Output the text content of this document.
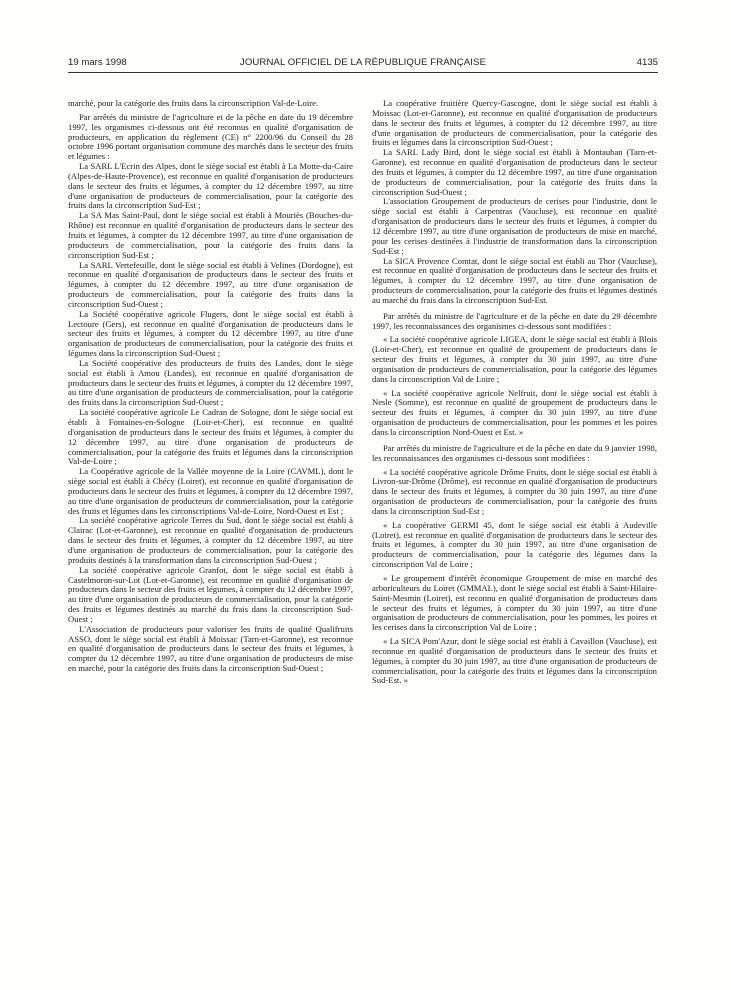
19 mars 1998	JOURNAL OFFICIEL DE LA RÉPUBLIQUE FRANÇAISE	4135

marché, pour la catégorie des fruits dans la circonscription Val-de-Loire.

Par arrêtés du ministre de l'agriculture et de la pêche en date du 19 décembre 1997, les organismes ci-dessous ont été reconnus en qualité d'organisation de producteurs, en application du règlement (CE) n° 2200/96 du Conseil du 28 octobre 1996 portant organisation commune des marchés dans le secteur des fruits et légumes :

La SARL L'Ecrin des Alpes, dont le siège social est établi à La Motte-du-Caire (Alpes-de-Haute-Provence), est reconnue en qualité d'organisation de producteurs dans le secteur des fruits et légumes, à compter du 12 décembre 1997, au titre d'une organisation de producteurs de commercialisation, pour la catégorie des fruits dans la circonscription Sud-Est ;

La SA Mas Saint-Paul, dont le siège social est établi à Mouriès (Bouches-du-Rhône) est reconnue en qualité d'organisation de producteurs dans le secteur des fruits et légumes, à compter du 12 décembre 1997, au titre d'une organisation de producteurs de commercialisation, pour la catégorie des fruits dans la circonscription Sud-Est ;

La SARL Vertefeuille, dont le siège social est établi à Velines (Dordogne), est reconnue en qualité d'organisation de producteurs dans le secteur des fruits et légumes, à compter du 12 décembre 1997, au titre d'une organisation de producteurs de commercialisation, pour la catégorie des fruits dans la circonscription Sud-Ouest ;

La Société coopérative agricole Flugers, dont le siège social est établi à Lectoure (Gers), est reconnue en qualité d'organisation de producteurs dans le secteur des fruits et légumes, à compter du 12 décembre 1997, au titre d'une organisation de producteurs de commercialisation, pour la catégorie des fruits et légumes dans la circonscription Sud-Ouest ;

La Société coopérative des producteurs de fruits des Landes, dont le siège social est établi à Amou (Landes), est reconnue en qualité d'organisation de producteurs dans le secteur des fruits et légumes, à compter du 12 décembre 1997, au titre d'une organisation de producteurs de commercialisation, pour la catégorie des fruits dans la circonscription Sud-Ouest ;

La société coopérative agricole Le Cadran de Sologne, dont le siège social est établi à Fontaines-en-Sologne (Loir-et-Cher), est reconnue en qualité d'organisation de producteurs dans le secteur des fruits et légumes, à compter du 12 décembre 1997, au titre d'une organisation de producteurs de commercialisation, pour la catégorie des fruits et légumes dans la circonscription Val-de-Loire ;

La Coopérative agricole de la Vallée moyenne de la Loire (CAVML), dont le siège social est établi à Chécy (Loiret), est reconnue en qualité d'organisation de producteurs dans le secteur des fruits et légumes, à compter du 12 décembre 1997, au titre d'une organisation de producteurs de commercialisation, pour la catégorie des fruits et légumes dans les circonscriptions Val-de-Loire, Nord-Ouest et Est ;

La société coopérative agricole Terres du Sud, dont le siège social est établi à Clairac (Lot-et-Garonne), est reconnue en qualité d'organisation de producteurs dans le secteur des fruits et légumes, à compter du 12 décembre 1997, au titre d'une organisation de producteurs de commercialisation, pour la catégorie des produits destinés à la transformation dans la circonscription Sud-Ouest ;

La société coopérative agricole Granfot, dont le siège social est établi à Castelmoron-sur-Lot (Lot-et-Garonne), est reconnue en qualité d'organisation de producteurs dans le secteur des fruits et légumes, à compter du 12 décembre 1997, au titre d'une organisation de producteurs de commercialisation, pour la catégorie des fruits et légumes destinés au marché du frais dans la circonscription Sud-Ouest ;

L'Association de producteurs pour valoriser les fruits de qualité Qualifruits ASSO, dont le siège social est établi à Moissac (Tarn-et-Garonne), est reconnue en qualité d'organisation de producteurs dans le secteur des fruits et légumes, à compter du 12 décembre 1997, au titre d'une organisation de producteurs de mise en marché, pour la catégorie des fruits dans la circonscription Sud-Ouest ;

La coopérative fruitière Quercy-Gascogne, dont le siège social est établi à Moissac (Lot-et-Garonne), est reconnue en qualité d'organisation de producteurs dans le secteur des fruits et légumes, à compter du 12 décembre 1997, au titre d'une organisation de producteurs de commercialisation, pour la catégorie des fruits et légumes dans la circonscription Sud-Ouest ;

La SARL Lady Bird, dont le siège social est établi à Montauban (Tarn-et-Garonne), est reconnue en qualité d'organisation de producteurs dans le secteur des fruits et légumes, à compter du 12 décembre 1997, au titre d'une organisation de producteurs de commercialisation, pour la catégorie des fruits dans la circonscription Sud-Ouest ;

L'association Groupement de producteurs de cerises pour l'industrie, dont le siège social est établi à Carpentras (Vaucluse), est reconnue en qualité d'organisation de producteurs dans le secteur des fruits et légumes, à compter du 12 décembre 1997, au titre d'une organisation de producteurs de mise en marché, pour les cerises destinées à l'industrie de transformation dans la circonscription Sud-Est ;

La SICA Provence Comtat, dont le siège social est établi au Thor (Vaucluse), est reconnue en qualité d'organisation de producteurs dans le secteur des fruits et légumes, à compter du 12 décembre 1997, au titre d'une organisation de producteurs de commercialisation, pour la catégorie des fruits et légumes destinés au marché du frais dans la circonscription Sud-Est.

Par arrêtés du ministre de l'agriculture et de la pêche en date du 29 décembre 1997, les reconnaissances des organismes ci-dessous sont modifiées :

« La société coopérative agricole LIGEA, dont le siège social est établi à Blois (Loir-et-Cher), est reconnue en qualité de groupement de producteurs dans le secteur des fruits et légumes, à compter du 30 juin 1997, au titre d'une organisation de producteurs de commercialisation, pour la catégorie des légumes dans la circonscription Val de Loire ;

« La société coopérative agricole Nelfruit, dont le siège social est établi à Nesle (Somme), est reconnue en qualité de groupement de producteurs dans le secteur des fruits et légumes, à compter du 30 juin 1997, au titre d'une organisation de producteurs de commercialisation, pour les pommes et les poires dans la circonscription Nord-Ouest et Est. »

Par arrêtés du ministre de l'agriculture et de la pêche en date du 9 janvier 1998, les reconnaissances des organismes ci-dessous sont modifiées :

« La société coopérative agricole Drôme Fruits, dont le siège social est établi à Livron-sur-Drôme (Drôme), est reconnue en qualité d'organisation de producteurs dans le secteur des fruits et légumes, à compter du 30 juin 1997, au titre d'une organisation de producteurs de commercialisation, pour la catégorie des fruits dans la circonscription Sud-Est ;

« La coopérative GERMI 45, dont le siège social est établi à Audeville (Loiret), est reconnue en qualité d'organisation de producteurs dans le secteur des fruits et légumes, à compter du 30 juin 1997, au titre d'une organisation de producteurs de commercialisation, pour la catégorie des légumes dans la circonscription Val de Loire ;

« Le groupement d'intérêt économique Groupement de mise en marché des arboriculteurs du Loiret (GMMAL), dont le siège social est établi à Saint-Hilaire-Saint-Mesmin (Loiret), est reconnu en qualité d'organisation de producteurs dans le secteur des fruits et légumes, à compter du 30 juin 1997, au titre d'une organisation de producteurs de commercialisation, pour les pommes, les poires et les cerises dans la circonscription Val de Loire ;

« La SICA Pom'Azur, dont le siège social est établi à Cavaillon (Vaucluse), est reconnue en qualité d'organisation de producteurs dans le secteur des fruits et légumes, à compter du 30 juin 1997, au titre d'une organisation de producteurs de commercialisation, pour la catégorie des fruits et légumes dans la circonscription Sud-Est. »
